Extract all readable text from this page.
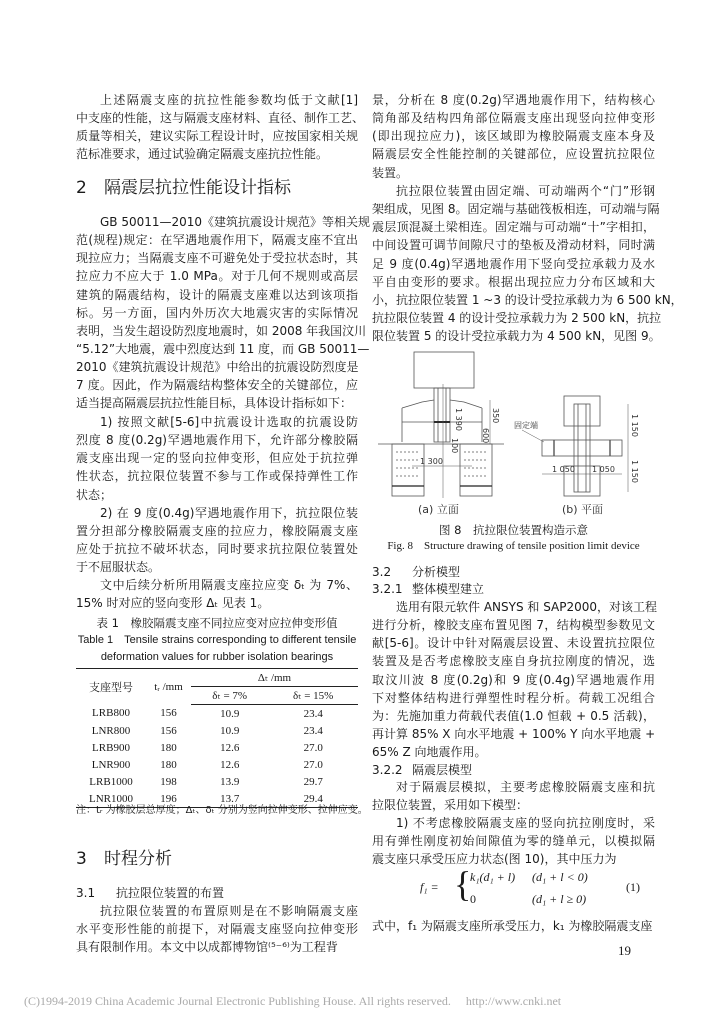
上述隔震支座的抗拉性能参数均低于文献[1]
中支座的性能，这与隔震支座材料、直径、制作工艺、
质量等相关，建议实际工程设计时，应按国家相关规
范标准要求，通过试验确定隔震支座抗拉性能。
2 隔震层抗拉性能设计指标
GB 50011—2010《建筑抗震设计规范》等相关规
范(规程)规定：在罕遇地震作用下，隔震支座不宜出
现拉应力；当隔震支座不可避免处于受拉状态时，其
拉应力不应大于 1.0 MPa。对于几何不规则或高层
建筑的隔震结构，设计的隔震支座难以达到该项指
标。另一方面，国内外历次大地震灾害的实际情况
表明，当发生超设防烈度地震时，如 2008 年我国汶川
“5.12”大地震，震中烈度达到 11 度，而 GB 50011—
2010《建筑抗震设计规范》中给出的抗震设防烈度是
7 度。因此，作为隔震结构整体安全的关键部位，应
适当提高隔震层抗拉性能目标，具体设计指标如下：
1) 按照文献[5-6]中抗震设计选取的抗震设防
烈度 8 度(0.2g)罕遇地震作用下，允许部分橡胶隔
震支座出现一定的竖向拉伸变形，但应处于抗拉弹
性状态，抗拉限位装置不参与工作或保持弹性工作
状态；
2) 在 9 度(0.4g)罕遇地震作用下，抗拉限位装
置分担部分橡胶隔震支座的拉应力，橡胶隔震支座
应处于抗拉不破坏状态，同时要求抗拉限位装置处
于不屈服状态。
文中后续分析所用隔震支座拉应变 δₜ 为 7%、
15% 时对应的竖向变形 Δₜ 见表 1。
表 1　橡胶隔震支座不同拉应变对应拉伸变形值
Table 1　Tensile strains corresponding to different tensile
deformation values for rubber isolation bearings
支座型号	tᵣ /mm	Δₜ /mm	
		δₜ = 7%	δₜ = 15%
LRB800	156	10.9	23.4
LNR800	156	10.9	23.4
LRB900	180	12.6	27.0
LNR900	180	12.6	27.0
LRB1000	198	13.9	29.7
LNR1000	196	13.7	29.4
注：tᵣ 为橡胶层总厚度；Δₜ、δₜ 分别为竖向拉伸变形、拉伸应变。
3 时程分析
3.1 抗拉限位装置的布置
抗拉限位装置的布置原则是在不影响隔震支座
水平变形性能的前提下，对隔震支座竖向拉伸变形
具有限制作用。本文中以成都博物馆⁽⁵⁻⁶⁾为工程背
景，分析在 8 度(0.2g)罕遇地震作用下，结构核心
筒角部及结构四角部位隔震支座出现竖向拉伸变形
(即出现拉应力)，该区域即为橡胶隔震支座本身及
隔震层安全性能控制的关键部位，应设置抗拉限位
装置。
抗拉限位装置由固定端、可动端两个“门”形钢
架组成，见图 8。固定端与基础筏板相连，可动端与隔
震层顶混凝土梁相连。固定端与可动端“十”字相扣，
中间设置可调节间隙尺寸的垫板及滑动材料，同时满
足 9 度(0.4g)罕遇地震作用下竖向受拉承载力及水
平自由变形的要求。根据出现拉应力分布区域和大
小，抗拉限位装置 1 ~3 的设计受拉承载力为 6 500 kN，
抗拉限位装置 4 的设计受拉承载力为 2 500 kN，抗拉
限位装置 5 的设计受拉承载力为 4 500 kN，见图 9。
1 300
1 390	350
600
100
固定端	1 150
1 150
1 050 1 050
(a) 立面	(b) 平面
图 8　抗拉限位装置构造示意
Fig. 8　Structure drawing of tensile position limit device
3.2 分析模型
3.2.1 整体模型建立
选用有限元软件 ANSYS 和 SAP2000，对该工程
进行分析，橡胶支座布置见图 7，结构模型参数见文
献[5-6]。设计中针对隔震层设置、未设置抗拉限位
装置及是否考虑橡胶支座自身抗拉刚度的情况，选
取汶川波 8 度(0.2g)和 9 度(0.4g)罕遇地震作用
下对整体结构进行弹塑性时程分析。荷载工况组合
为：先施加重力荷载代表值(1.0 恒载 + 0.5 活载)，
再计算 85% X 向水平地震 + 100% Y 向水平地震 +
65% Z 向地震作用。
3.2.2 隔震层模型
对于隔震层模拟，主要考虑橡胶隔震支座和抗
拉限位装置，采用如下模型：
1) 不考虑橡胶隔震支座的竖向抗拉刚度时，采
用有弹性刚度初始间隙值为零的缝单元，以模拟隔
震支座只承受压应力状态(图 10)，其中压力为
f₁ = {
k₁(d₁ + l) (d₁ + l < 0)
0	(d₁ + l ≥ 0)
(1)
式中，f₁ 为隔震支座所承受压力，k₁ 为橡胶隔震支座
19
(C)1994-2019 China Academic Journal Electronic Publishing House. All rights reserved.　 http://www.cnki.net
